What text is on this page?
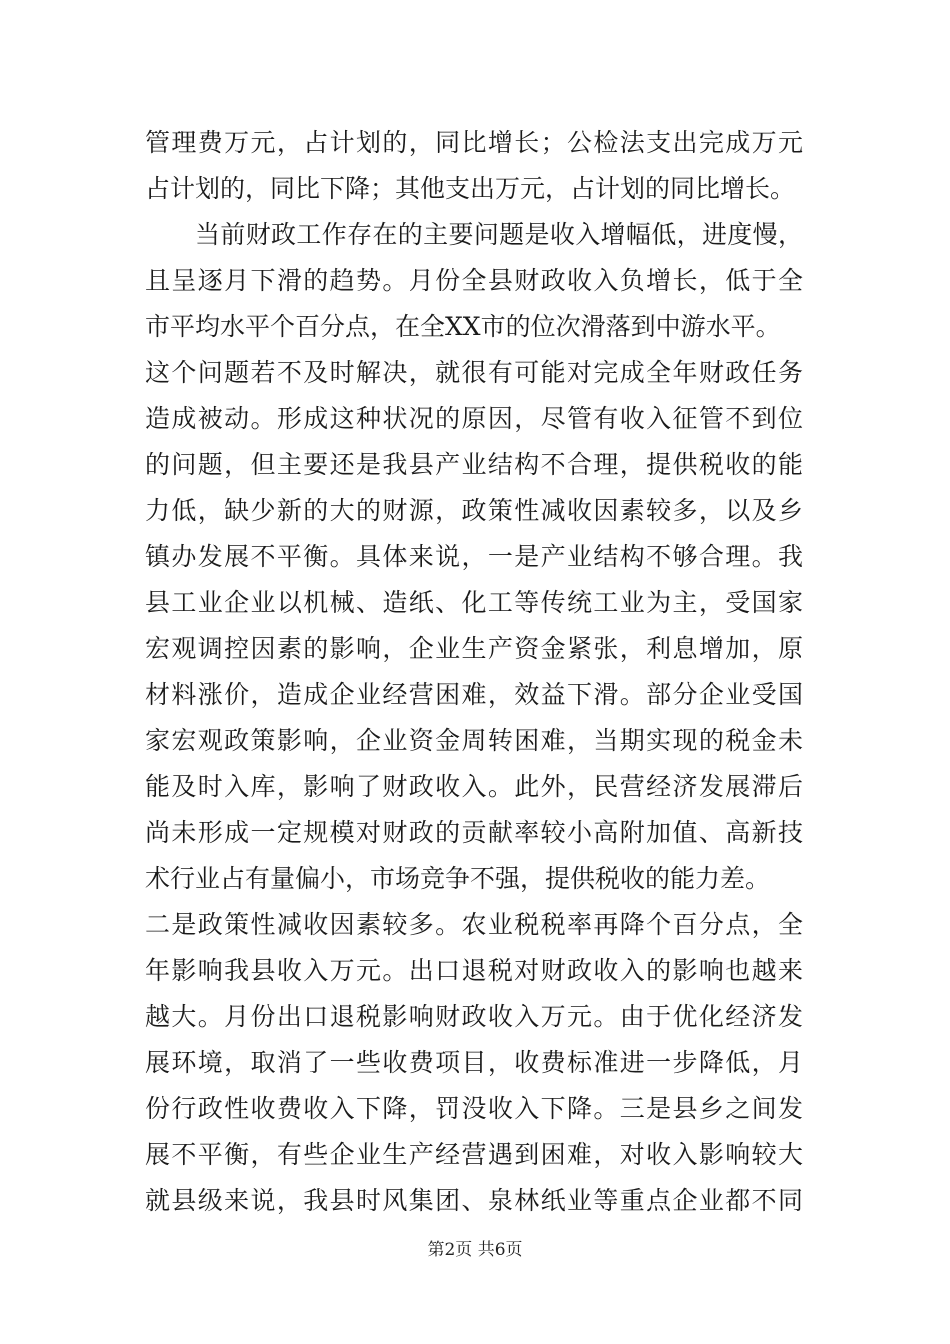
管理费万元，占计划的，同比增长；公检法支出完成万元
占计划的，同比下降；其他支出万元，占计划的同比增长。
当前财政工作存在的主要问题是收入增幅低，进度慢，
且呈逐月下滑的趋势。月份全县财政收入负增长，低于全
市平均水平个百分点，在全XX市的位次滑落到中游水平。
这个问题若不及时解决，就很有可能对完成全年财政任务
造成被动。形成这种状况的原因，尽管有收入征管不到位
的问题，但主要还是我县产业结构不合理，提供税收的能
力低，缺少新的大的财源，政策性减收因素较多，以及乡
镇办发展不平衡。具体来说，一是产业结构不够合理。我
县工业企业以机械、造纸、化工等传统工业为主，受国家
宏观调控因素的影响，企业生产资金紧张，利息增加，原
材料涨价，造成企业经营困难，效益下滑。部分企业受国
家宏观政策影响，企业资金周转困难，当期实现的税金未
能及时入库，影响了财政收入。此外，民营经济发展滞后
尚未形成一定规模对财政的贡献率较小高附加值、高新技
术行业占有量偏小，市场竞争不强，提供税收的能力差。
二是政策性减收因素较多。农业税税率再降个百分点，全
年影响我县收入万元。出口退税对财政收入的影响也越来
越大。月份出口退税影响财政收入万元。由于优化经济发
展环境，取消了一些收费项目，收费标准进一步降低，月
份行政性收费收入下降，罚没收入下降。三是县乡之间发
展不平衡，有些企业生产经营遇到困难，对收入影响较大
就县级来说，我县时风集团、泉林纸业等重点企业都不同
第2页 共6页
